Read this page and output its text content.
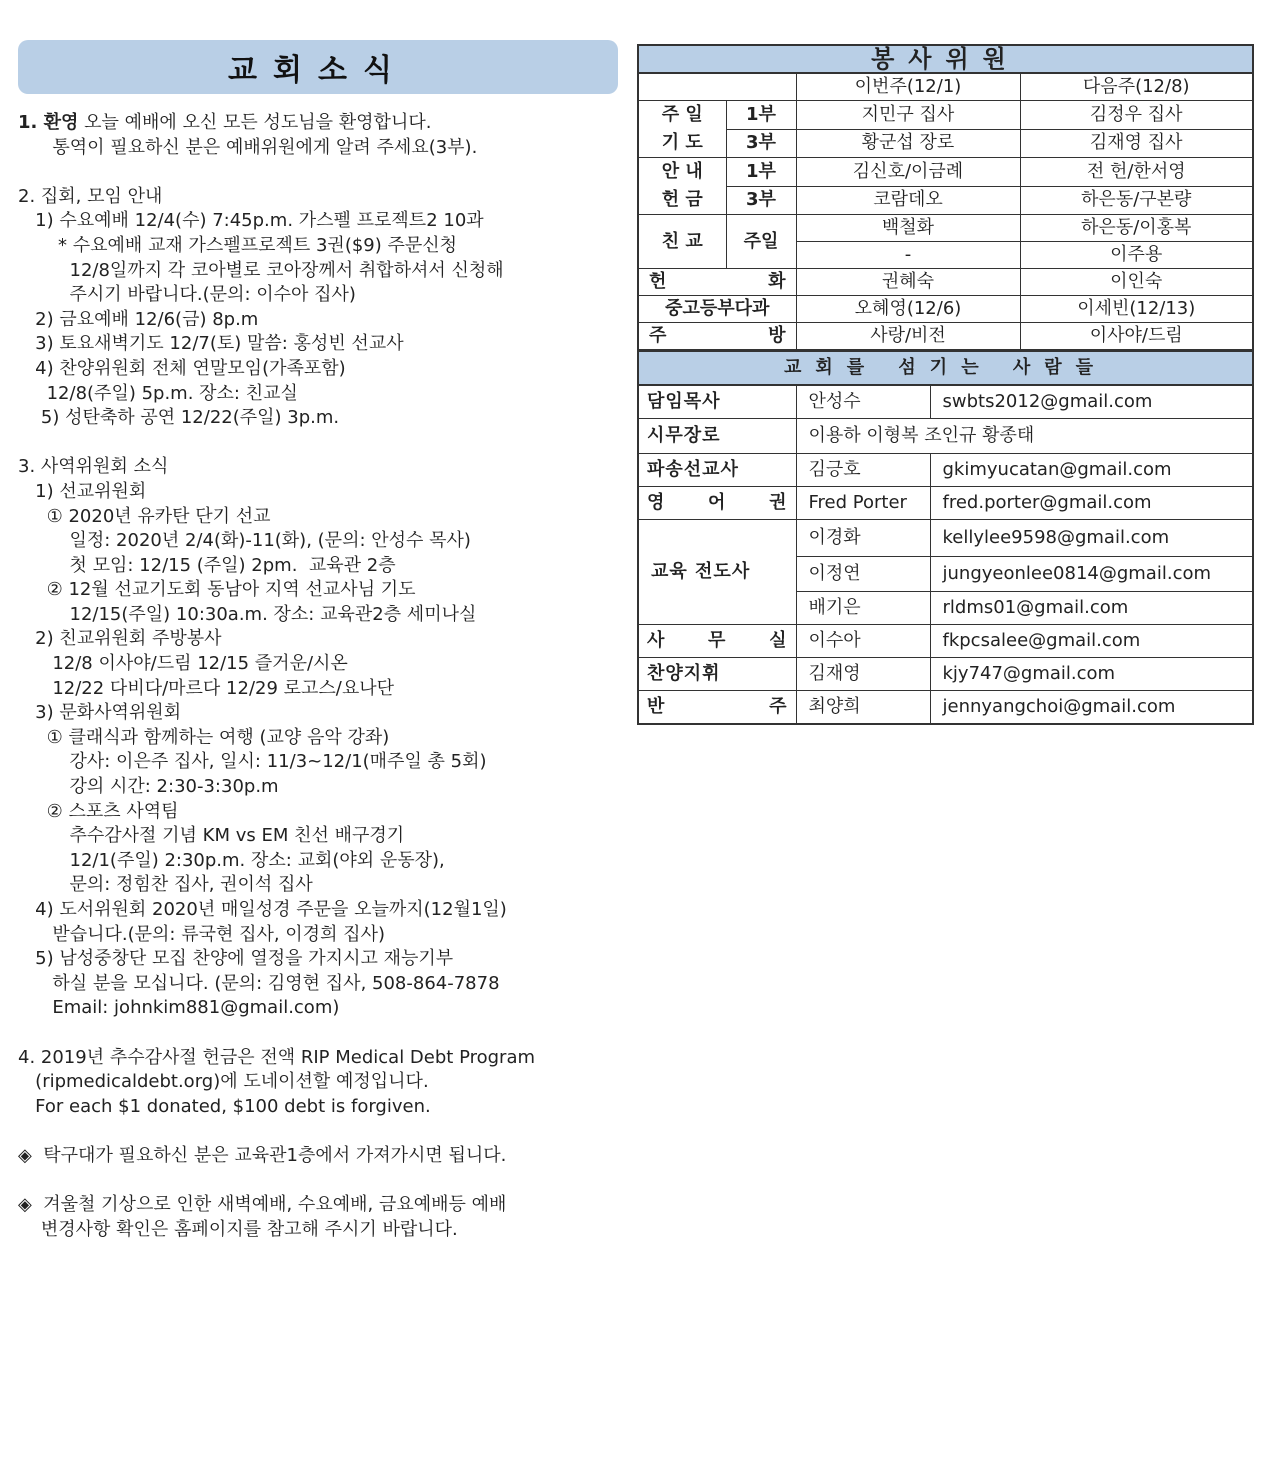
교회소식
1. 환영 오늘 예배에 오신 모든 성도님을 환영합니다.
통역이 필요하신 분은 예배위원에게 알려 주세요(3부).
2. 집회, 모임 안내
1) 수요예배 12/4(수) 7:45p.m. 가스펠 프로젝트2 10과
* 수요예배 교재 가스펠프로젝트 3권($9) 주문신청
12/8일까지 각 코아별로 코아장께서 취합하셔서 신청해
주시기 바랍니다.(문의: 이수아 집사)
2) 금요예배 12/6(금) 8p.m
3) 토요새벽기도 12/7(토) 말씀: 홍성빈 선교사
4) 찬양위원회 전체 연말모임(가족포함)
12/8(주일) 5p.m. 장소: 친교실
5) 성탄축하 공연 12/22(주일) 3p.m.
3. 사역위원회 소식
1) 선교위원회
① 2020년 유카탄 단기 선교
일정: 2020년 2/4(화)-11(화), (문의: 안성수 목사)
첫 모임: 12/15 (주일) 2pm.  교육관 2층
② 12월 선교기도회 동남아 지역 선교사님 기도
12/15(주일) 10:30a.m. 장소: 교육관2층 세미나실
2) 친교위원회 주방봉사
12/8 이사야/드림 12/15 즐거운/시온
12/22 다비다/마르다 12/29 로고스/요나단
3) 문화사역위원회
① 클래식과 함께하는 여행 (교양 음악 강좌)
강사: 이은주 집사, 일시: 11/3~12/1(매주일 총 5회)
강의 시간: 2:30-3:30p.m
② 스포츠 사역팀
추수감사절 기념 KM vs EM 친선 배구경기
12/1(주일) 2:30p.m. 장소: 교회(야외 운동장),
문의: 정힘찬 집사, 권이석 집사
4) 도서위원회 2020년 매일성경 주문을 오늘까지(12월1일)
받습니다.(문의: 류국현 집사, 이경희 집사)
5) 남성중창단 모집 찬양에 열정을 가지시고 재능기부
하실 분을 모십니다. (문의: 김영현 집사, 508-864-7878
Email: johnkim881@gmail.com)
4. 2019년 추수감사절 헌금은 전액 RIP Medical Debt Program
(ripmedicaldebt.org)에 도네이션할 예정입니다.
For each $1 donated, $100 debt is forgiven.
◈  탁구대가 필요하신 분은 교육관1층에서 가져가시면 됩니다.
◈  겨울철 기상으로 인한 새벽예배, 수요예배, 금요예배등 예배
변경사항 확인은 홈페이지를 참고해 주시기 바랍니다.
봉사위원			
		이번주(12/1)	다음주(12/8)

주 일
기 도	1부	지민구 집사	김정우 집사
	3부	황군섭 장로	김재영 집사

안 내
헌 금	1부	김신호/이금례	전 헌/한서영
	3부	코람데오	하은동/구본량
친 교	주일	백철화	하은동/이홍복
		-	이주용

헌 화		권혜숙	이인숙
중고등부다과		오혜영(12/6)	이세빈(12/13)

주 방		사랑/비전	이사야/드림
교회를 섬기는 사람들		
담임목사	안성수	swbts2012@gmail.com
시무장로	이용하 이형복 조인규 황종태	
파송선교사	김긍호	gkimyucatan@gmail.com
영 어 권	Fred Porter	fred.porter@gmail.com
교육 전도사	이경화	kellylee9598@gmail.com
	이정연	jungyeonlee0814@gmail.com
	배기은	rldms01@gmail.com
사 무 실	이수아	fkpcsalee@gmail.com
찬양지휘	김재영	kjy747@gmail.com
반 주	최양희	jennyangchoi@gmail.com
